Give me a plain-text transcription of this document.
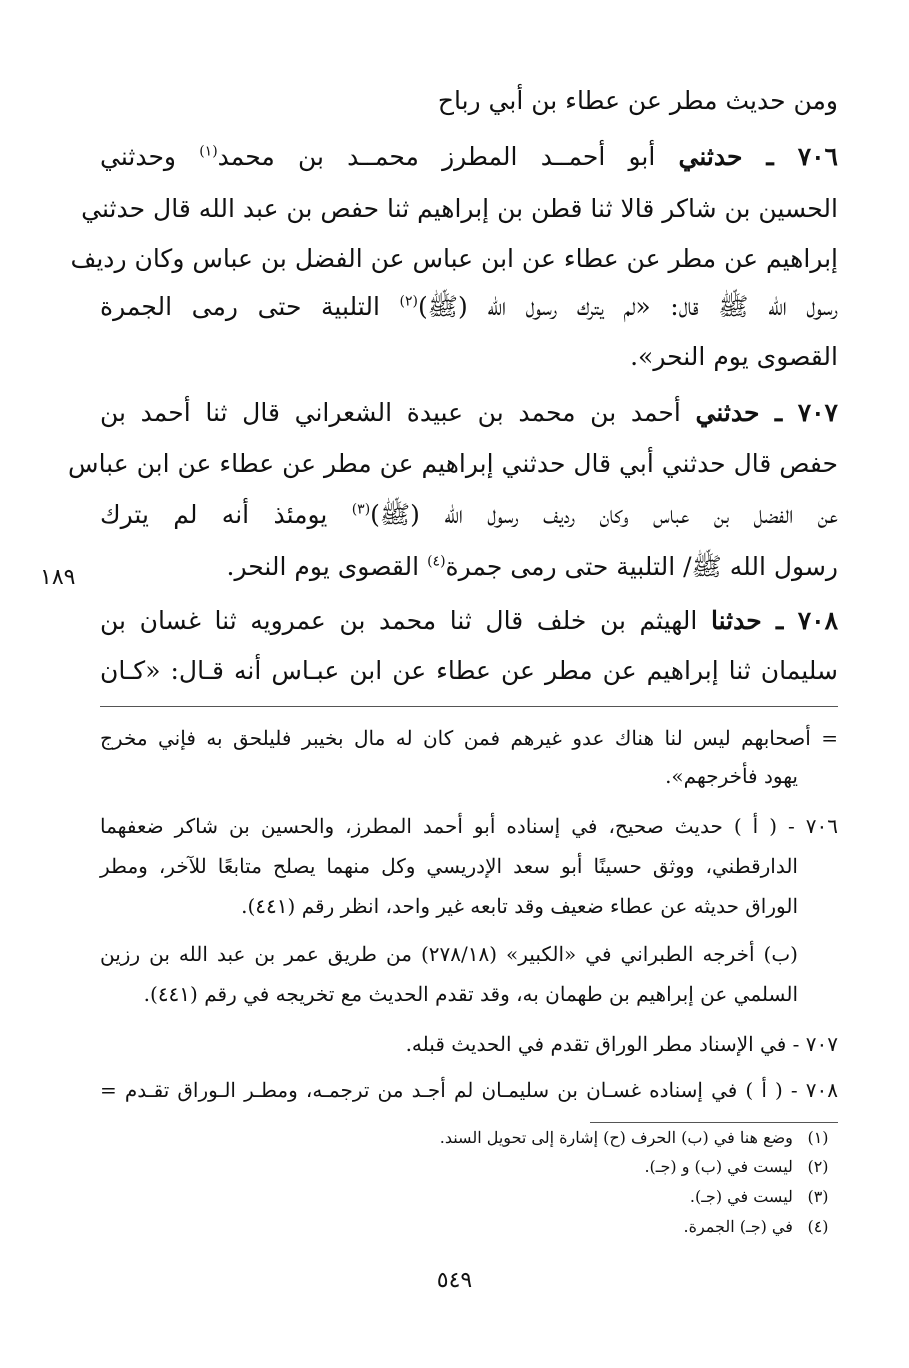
ومن حديث مطر عن عطاء بن أبي رباح
٧٠٦ ـ حدثني أبو أحمــد المطرز محمــد بن محمد$^{(١)}$ وحدثني
الحسين بن شاكر قالا ثنا قطن بن إبراهيم ثنا حفص بن عبد الله قال حدثني
إبراهيم عن مطر عن عطاء عن ابن عباس عن الفضل بن عباس وكان رديف
رسول الله ﷺ قال: «لم يترك رسول الله (ﷺ)$^{(٢)}$ التلبية حتى رمى الجمرة
القصوى يوم النحر».
٧٠٧ ـ حدثني أحمد بن محمد بن عبيدة الشعراني قال ثنا أحمد بن
حفص قال حدثني أبي قال حدثني إبراهيم عن مطر عن عطاء عن ابن عباس
عن الفضل بن عباس وكان رديف رسول الله (ﷺ)$^{(٣)}$ يومئذ أنه لم يترك
رسول الله ﷺ/ التلبية حتى رمى جمرة$^{(٤)}$ القصوى يوم النحر.
٧٠٨ ـ حدثنا الهيثم بن خلف قال ثنا محمد بن عمرويه ثنا غسان بن
سليمان ثنا إبراهيم عن مطر عن عطاء عن ابن عبـاس أنه قـال: «كـان
١٨٩
= أصحابهم ليس لنا هناك عدو غيرهم فمن كان له مال بخيبر فليلحق به فإني مخرج
يهود فأخرجهم».
٧٠٦ - ( أ ) حديث صحيح، في إسناده أبو أحمد المطرز، والحسين بن شاكر ضعفهما
الدارقطني، ووثق حسينًا أبو سعد الإدريسي وكل منهما يصلح متابعًا للآخر، ومطر
الوراق حديثه عن عطاء ضعيف وقد تابعه غير واحد، انظر رقم (٤٤١).
(ب) أخرجه الطبراني في «الكبير» (٢٧٨/١٨) من طريق عمر بن عبد الله بن رزين
السلمي عن إبراهيم بن طهمان به، وقد تقدم الحديث مع تخريجه في رقم (٤٤١).
٧٠٧ - في الإسناد مطر الوراق تقدم في الحديث قبله.
٧٠٨ - ( أ ) في إسناده غسـان بن سليمـان لم أجـد من ترجمـه، ومطـر الـوراق تقـدم =
(١) وضع هنا في (ب) الحرف (ح) إشارة إلى تحويل السند.
(٢) ليست في (ب) و (جـ).
(٣) ليست في (جـ).
(٤) في (جـ) الجمرة.
٥٤٩
